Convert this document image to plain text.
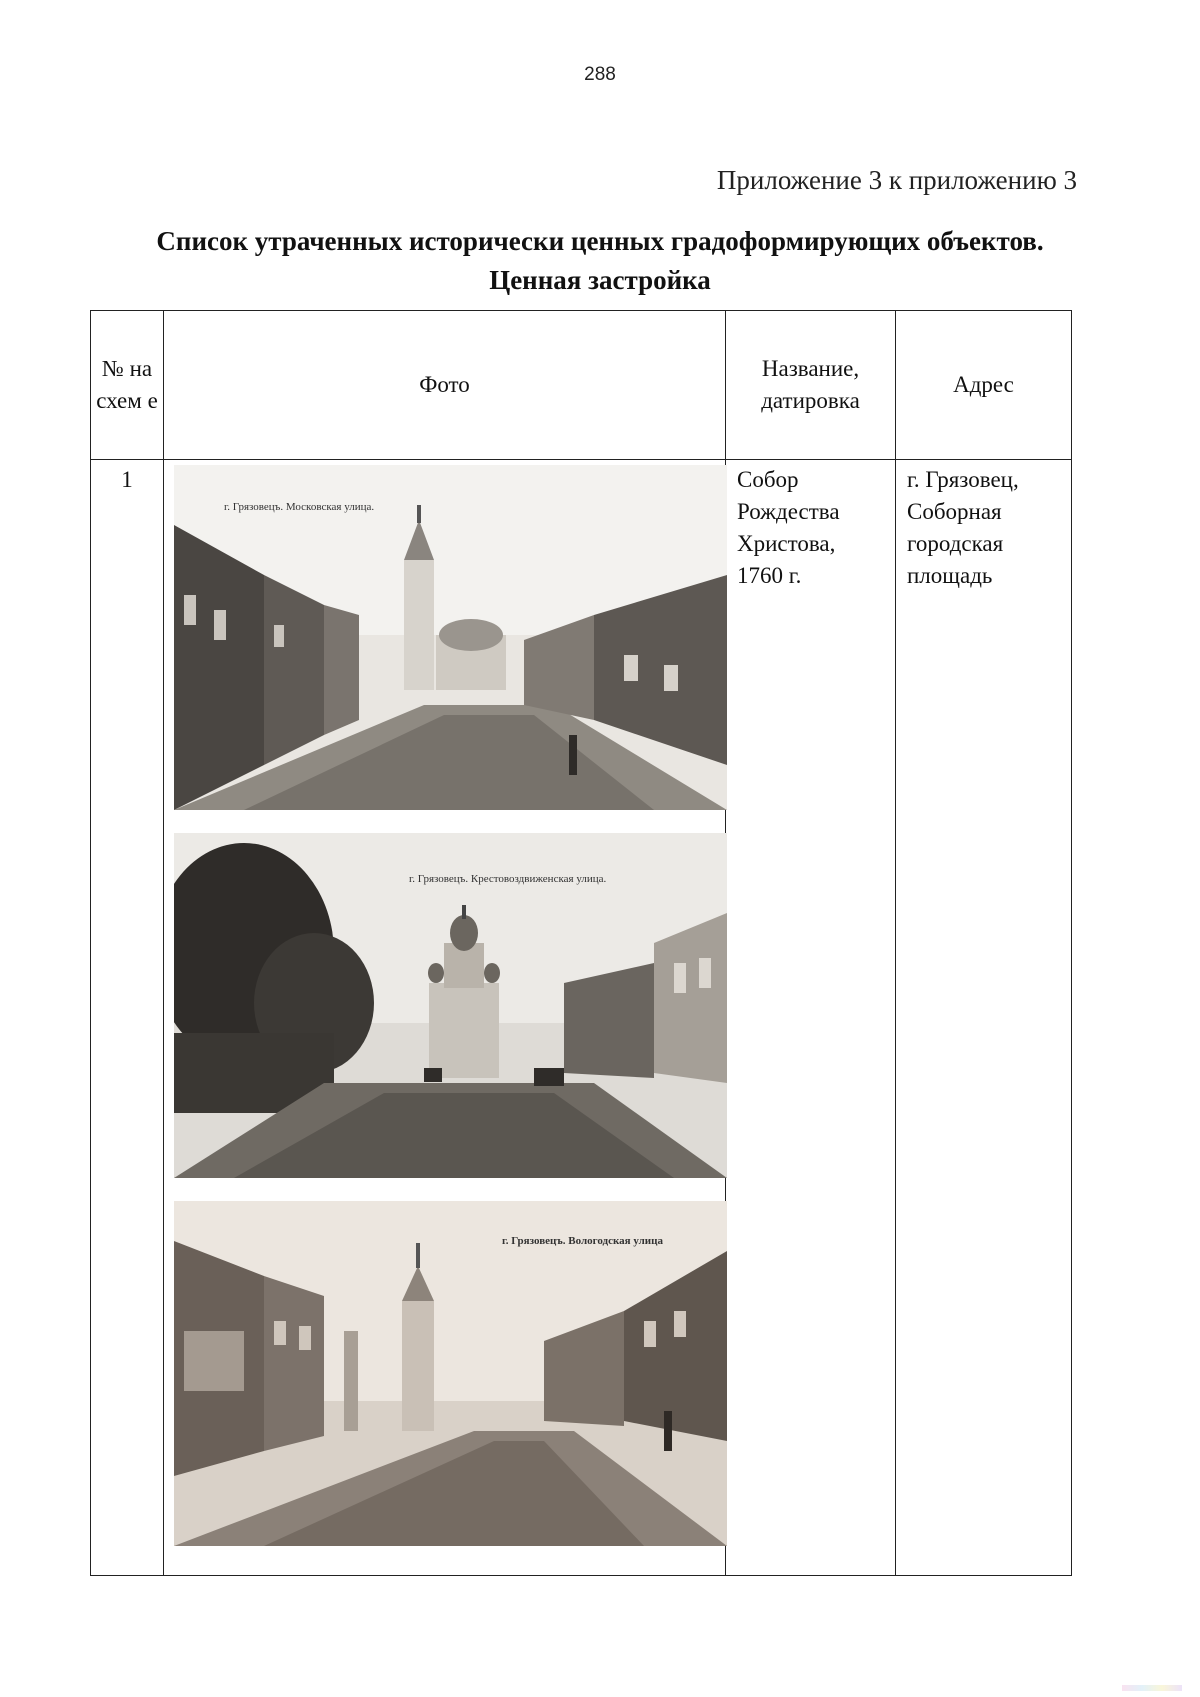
288
Приложение 3 к приложению 3
Список утраченных исторически ценных градоформирующих объектов.
Ценная застройка
№ на схем е	Фото	Название, датировка	Адрес
1	г. Грязовецъ. Московская улица.
г. Грязовецъ. Крестовоздвиженская улица.
г. Грязовецъ. Вологодская улица	Собор Рождества Христова, 1760 г.	г. Грязовец, Соборная городская площадь
